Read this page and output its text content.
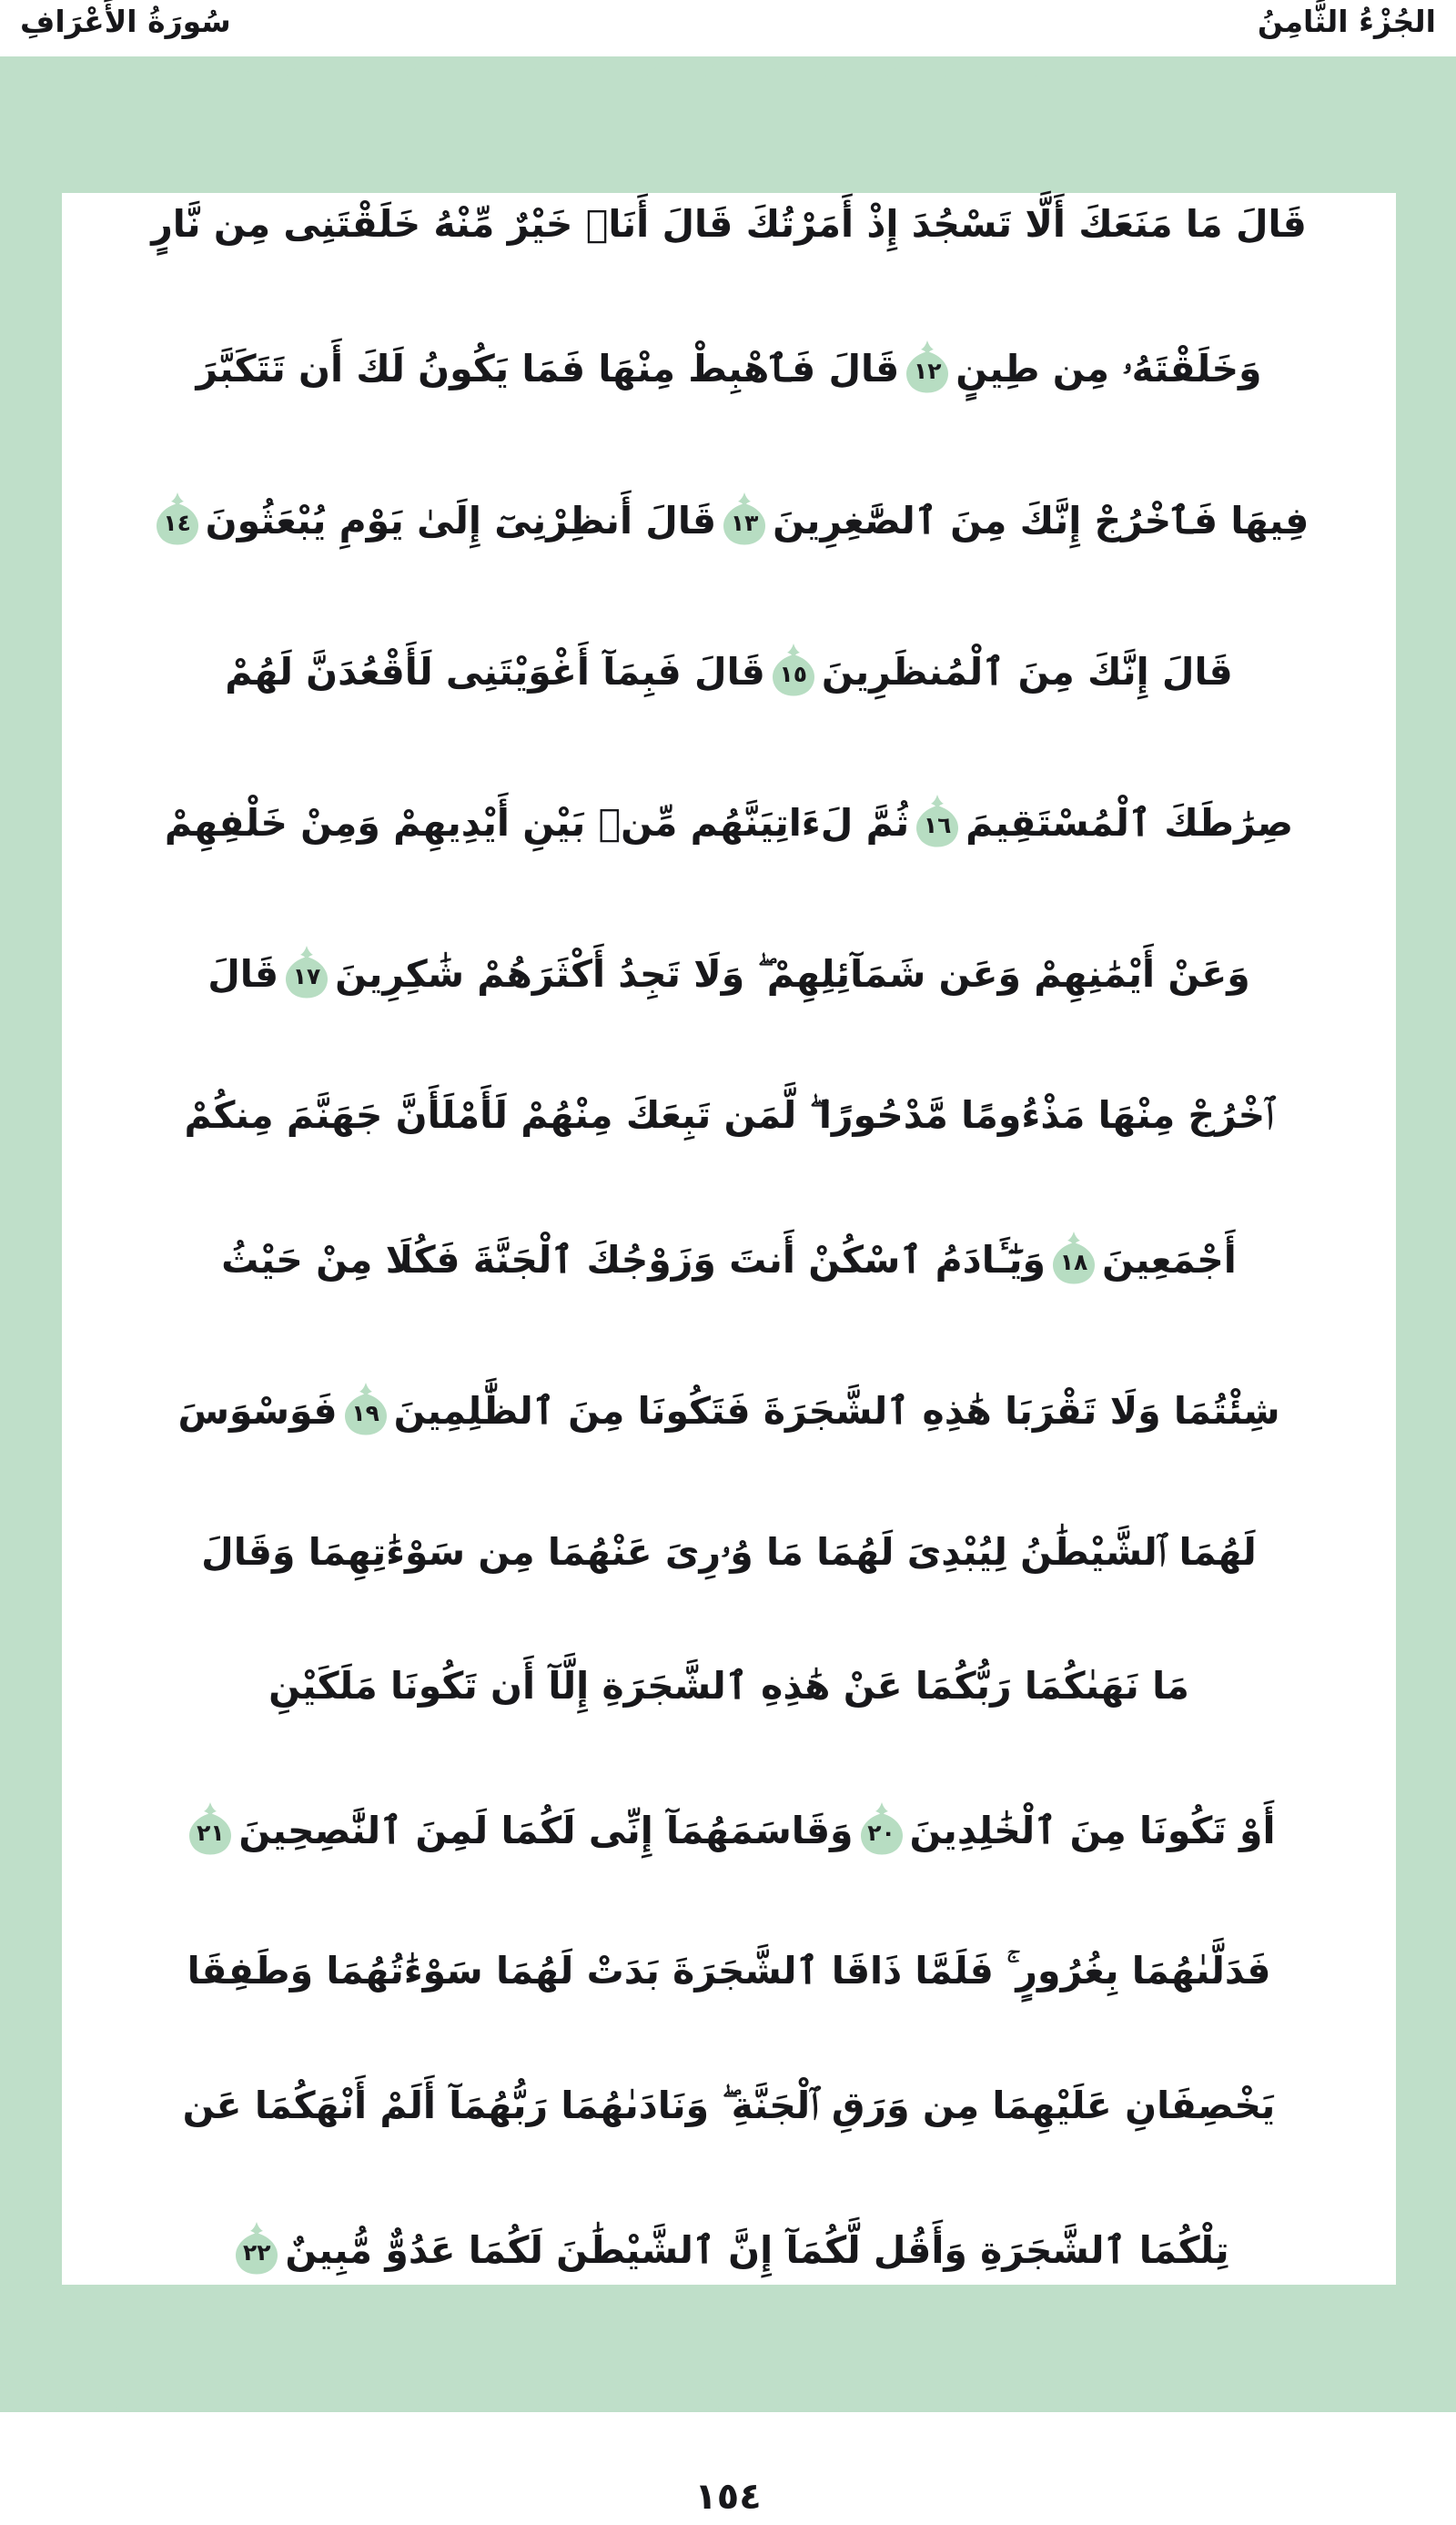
سُورَةُ الأَعْرَافِ	الجُزْءُ الثَّامِنُ
قَالَ مَا مَنَعَكَ أَلَّا تَسْجُدَ إِذْ أَمَرْتُكَ قَالَ أَنَا۠ خَيْرٌ مِّنْهُ خَلَقْتَنِى مِن نَّارٍ
وَخَلَقْتَهُۥ مِن طِينٍ
١٢
قَالَ فَٱهْبِطْ مِنْهَا فَمَا يَكُونُ لَكَ أَن تَتَكَبَّرَ
فِيهَا فَٱخْرُجْ إِنَّكَ مِنَ ٱلصَّٰغِرِينَ
١٣
قَالَ أَنظِرْنِىٓ إِلَىٰ يَوْمِ يُبْعَثُونَ
١٤
قَالَ إِنَّكَ مِنَ ٱلْمُنظَرِينَ
١٥
قَالَ فَبِمَآ أَغْوَيْتَنِى لَأَقْعُدَنَّ لَهُمْ
صِرَٰطَكَ ٱلْمُسْتَقِيمَ
١٦
ثُمَّ لَءَاتِيَنَّهُم مِّنۢ بَيْنِ أَيْدِيهِمْ وَمِنْ خَلْفِهِمْ
وَعَنْ أَيْمَٰنِهِمْ وَعَن شَمَآئِلِهِمْ ۖ وَلَا تَجِدُ أَكْثَرَهُمْ شَٰكِرِينَ
١٧
قَالَ
ٱخْرُجْ مِنْهَا مَذْءُومًا مَّدْحُورًا ۖ لَّمَن تَبِعَكَ مِنْهُمْ لَأَمْلَأَنَّ جَهَنَّمَ مِنكُمْ
أَجْمَعِينَ
١٨
وَيَٰٓـَٔادَمُ ٱسْكُنْ أَنتَ وَزَوْجُكَ ٱلْجَنَّةَ فَكُلَا مِنْ حَيْثُ
شِئْتُمَا وَلَا تَقْرَبَا هَٰذِهِ ٱلشَّجَرَةَ فَتَكُونَا مِنَ ٱلظَّٰلِمِينَ
١٩
فَوَسْوَسَ
لَهُمَا ٱلشَّيْطَٰنُ لِيُبْدِىَ لَهُمَا مَا وُۥرِىَ عَنْهُمَا مِن سَوْءَٰتِهِمَا وَقَالَ
مَا نَهَىٰكُمَا رَبُّكُمَا عَنْ هَٰذِهِ ٱلشَّجَرَةِ إِلَّآ أَن تَكُونَا مَلَكَيْنِ
أَوْ تَكُونَا مِنَ ٱلْخَٰلِدِينَ
٢٠
وَقَاسَمَهُمَآ إِنِّى لَكُمَا لَمِنَ ٱلنَّٰصِحِينَ
٢١
فَدَلَّىٰهُمَا بِغُرُورٍ ۚ فَلَمَّا ذَاقَا ٱلشَّجَرَةَ بَدَتْ لَهُمَا سَوْءَٰتُهُمَا وَطَفِقَا
يَخْصِفَانِ عَلَيْهِمَا مِن وَرَقِ ٱلْجَنَّةِ ۖ وَنَادَىٰهُمَا رَبُّهُمَآ أَلَمْ أَنْهَكُمَا عَن
تِلْكُمَا ٱلشَّجَرَةِ وَأَقُل لَّكُمَآ إِنَّ ٱلشَّيْطَٰنَ لَكُمَا عَدُوٌّ مُّبِينٌ
٢٢
١٥٤
